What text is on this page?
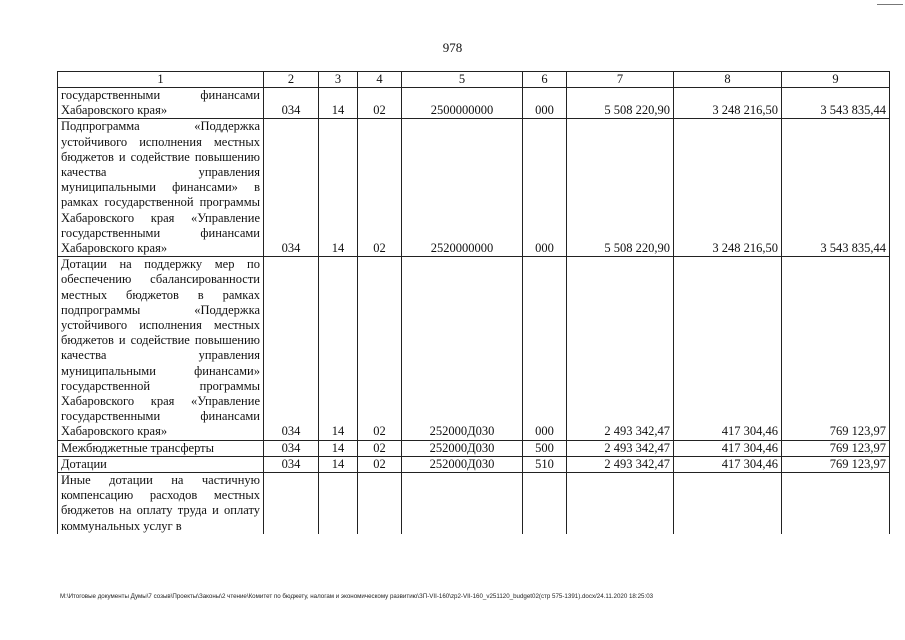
978
1	2	3	4	5	6	7	8	9
государственными финансами Хабаровского края»	034	14	02	2500000000	000	5 508 220,90	3 248 216,50	3 543 835,44
Подпрограмма «Поддержка устойчивого исполнения местных бюджетов и содействие повышению качества управления муниципальными финансами» в рамках государственной программы Хабаровского края «Управление государственными финансами Хабаровского края»	034	14	02	2520000000	000	5 508 220,90	3 248 216,50	3 543 835,44
Дотации на поддержку мер по обеспечению сбалансированности местных бюджетов в рамках подпрограммы «Поддержка устойчивого исполнения местных бюджетов и содействие повышению качества управления муниципальными финансами» государственной программы Хабаровского края «Управление государственными финансами Хабаровского края»	034	14	02	252000Д030	000	2 493 342,47	417 304,46	769 123,97
Межбюджетные трансферты	034	14	02	252000Д030	500	2 493 342,47	417 304,46	769 123,97
Дотации	034	14	02	252000Д030	510	2 493 342,47	417 304,46	769 123,97
Иные дотации на частичную компенсацию расходов местных бюджетов на оплату труда и оплату коммунальных услуг в								
M:\Итоговые документы Думы\7 созыв\Проекты\Законы\2 чтение\Комитет по бюджету, налогам и экономическому развитию\ЗП-VII-160\zp2-VII-160_v251120_budget02(стр 575-1391).docx/24.11.2020 18:25:03
